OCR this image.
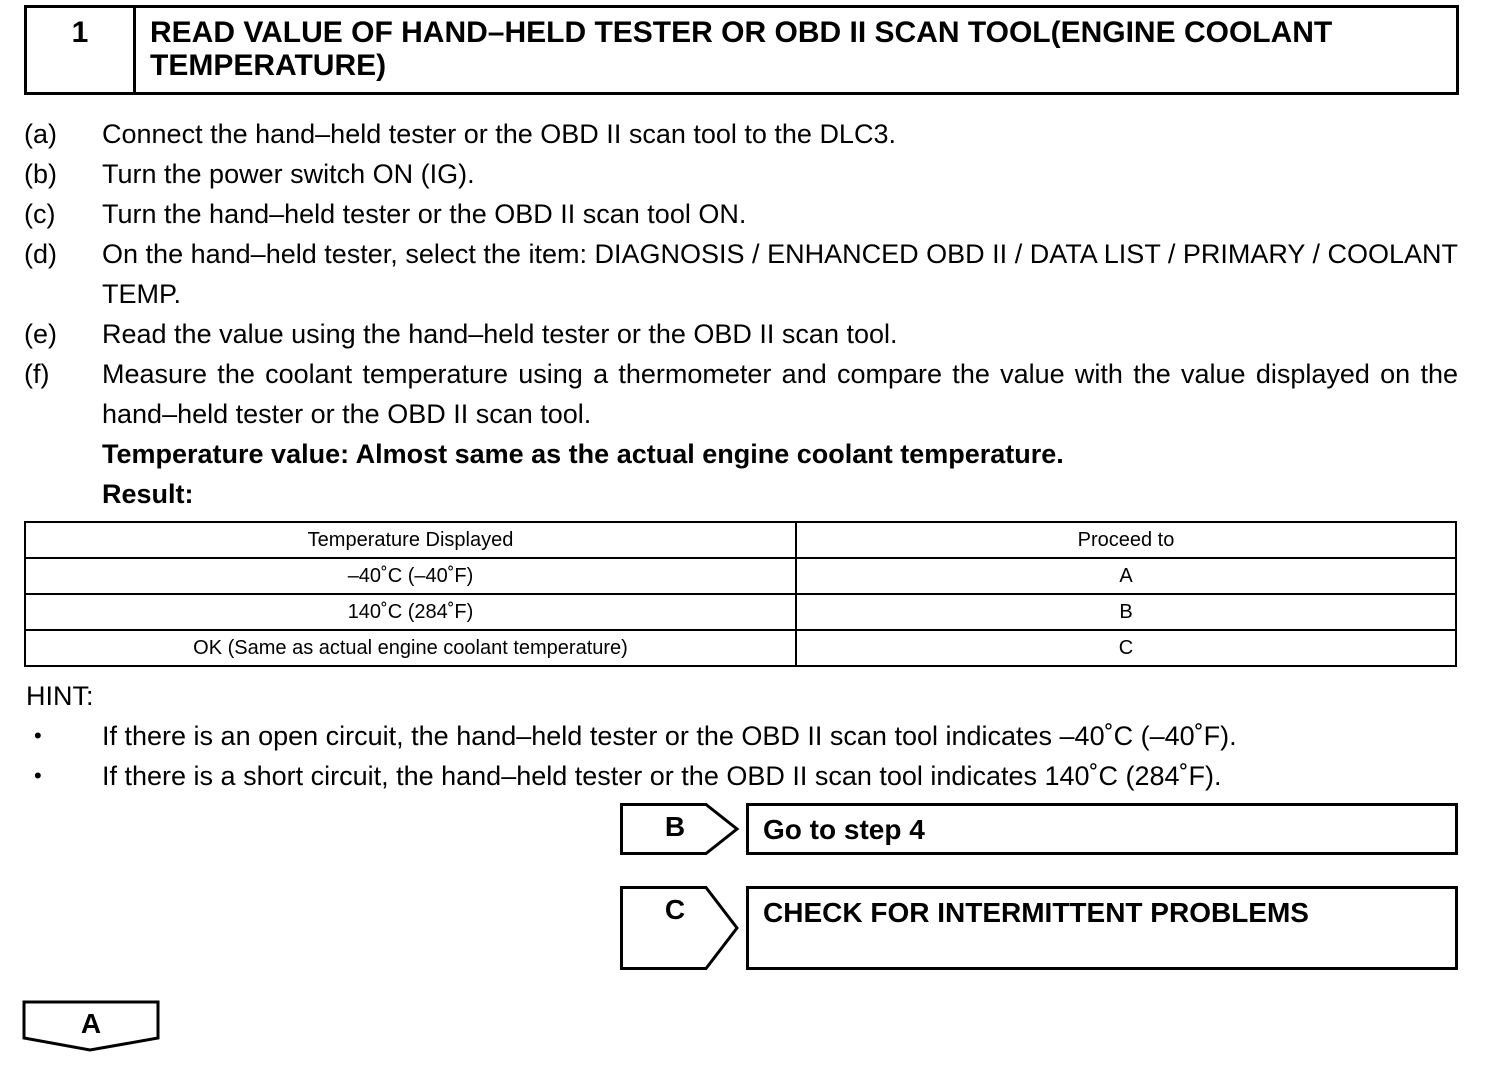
1	READ VALUE OF HAND–HELD TESTER OR OBD II SCAN TOOL(ENGINE COOLANT TEMPERATURE)
(a)	Connect the hand–held tester or the OBD II scan tool to the DLC3.
(b)	Turn the power switch ON (IG).
(c)	Turn the hand–held tester or the OBD II scan tool ON.
(d)	On the hand–held tester, select the item: DIAGNOSIS / ENHANCED OBD II / DATA LIST / PRIMARY / COOLANT TEMP.
(e)	Read the value using the hand–held tester or the OBD II scan tool.
(f)	Measure the coolant temperature using a thermometer and compare the value with the value displayed on the hand–held tester or the OBD II scan tool.
Temperature value: Almost same as the actual engine coolant temperature.
Result:
Temperature Displayed	Proceed to
–40˚C (–40˚F)	A
140˚C (284˚F)	B
OK (Same as actual engine coolant temperature)	C
HINT:
•	If there is an open circuit, the hand–held tester or the OBD II scan tool indicates –40˚C (–40˚F).
•	If there is a short circuit, the hand–held tester or the OBD II scan tool indicates 140˚C (284˚F).
B	Go to step 4
C	CHECK FOR INTERMITTENT PROBLEMS
A
